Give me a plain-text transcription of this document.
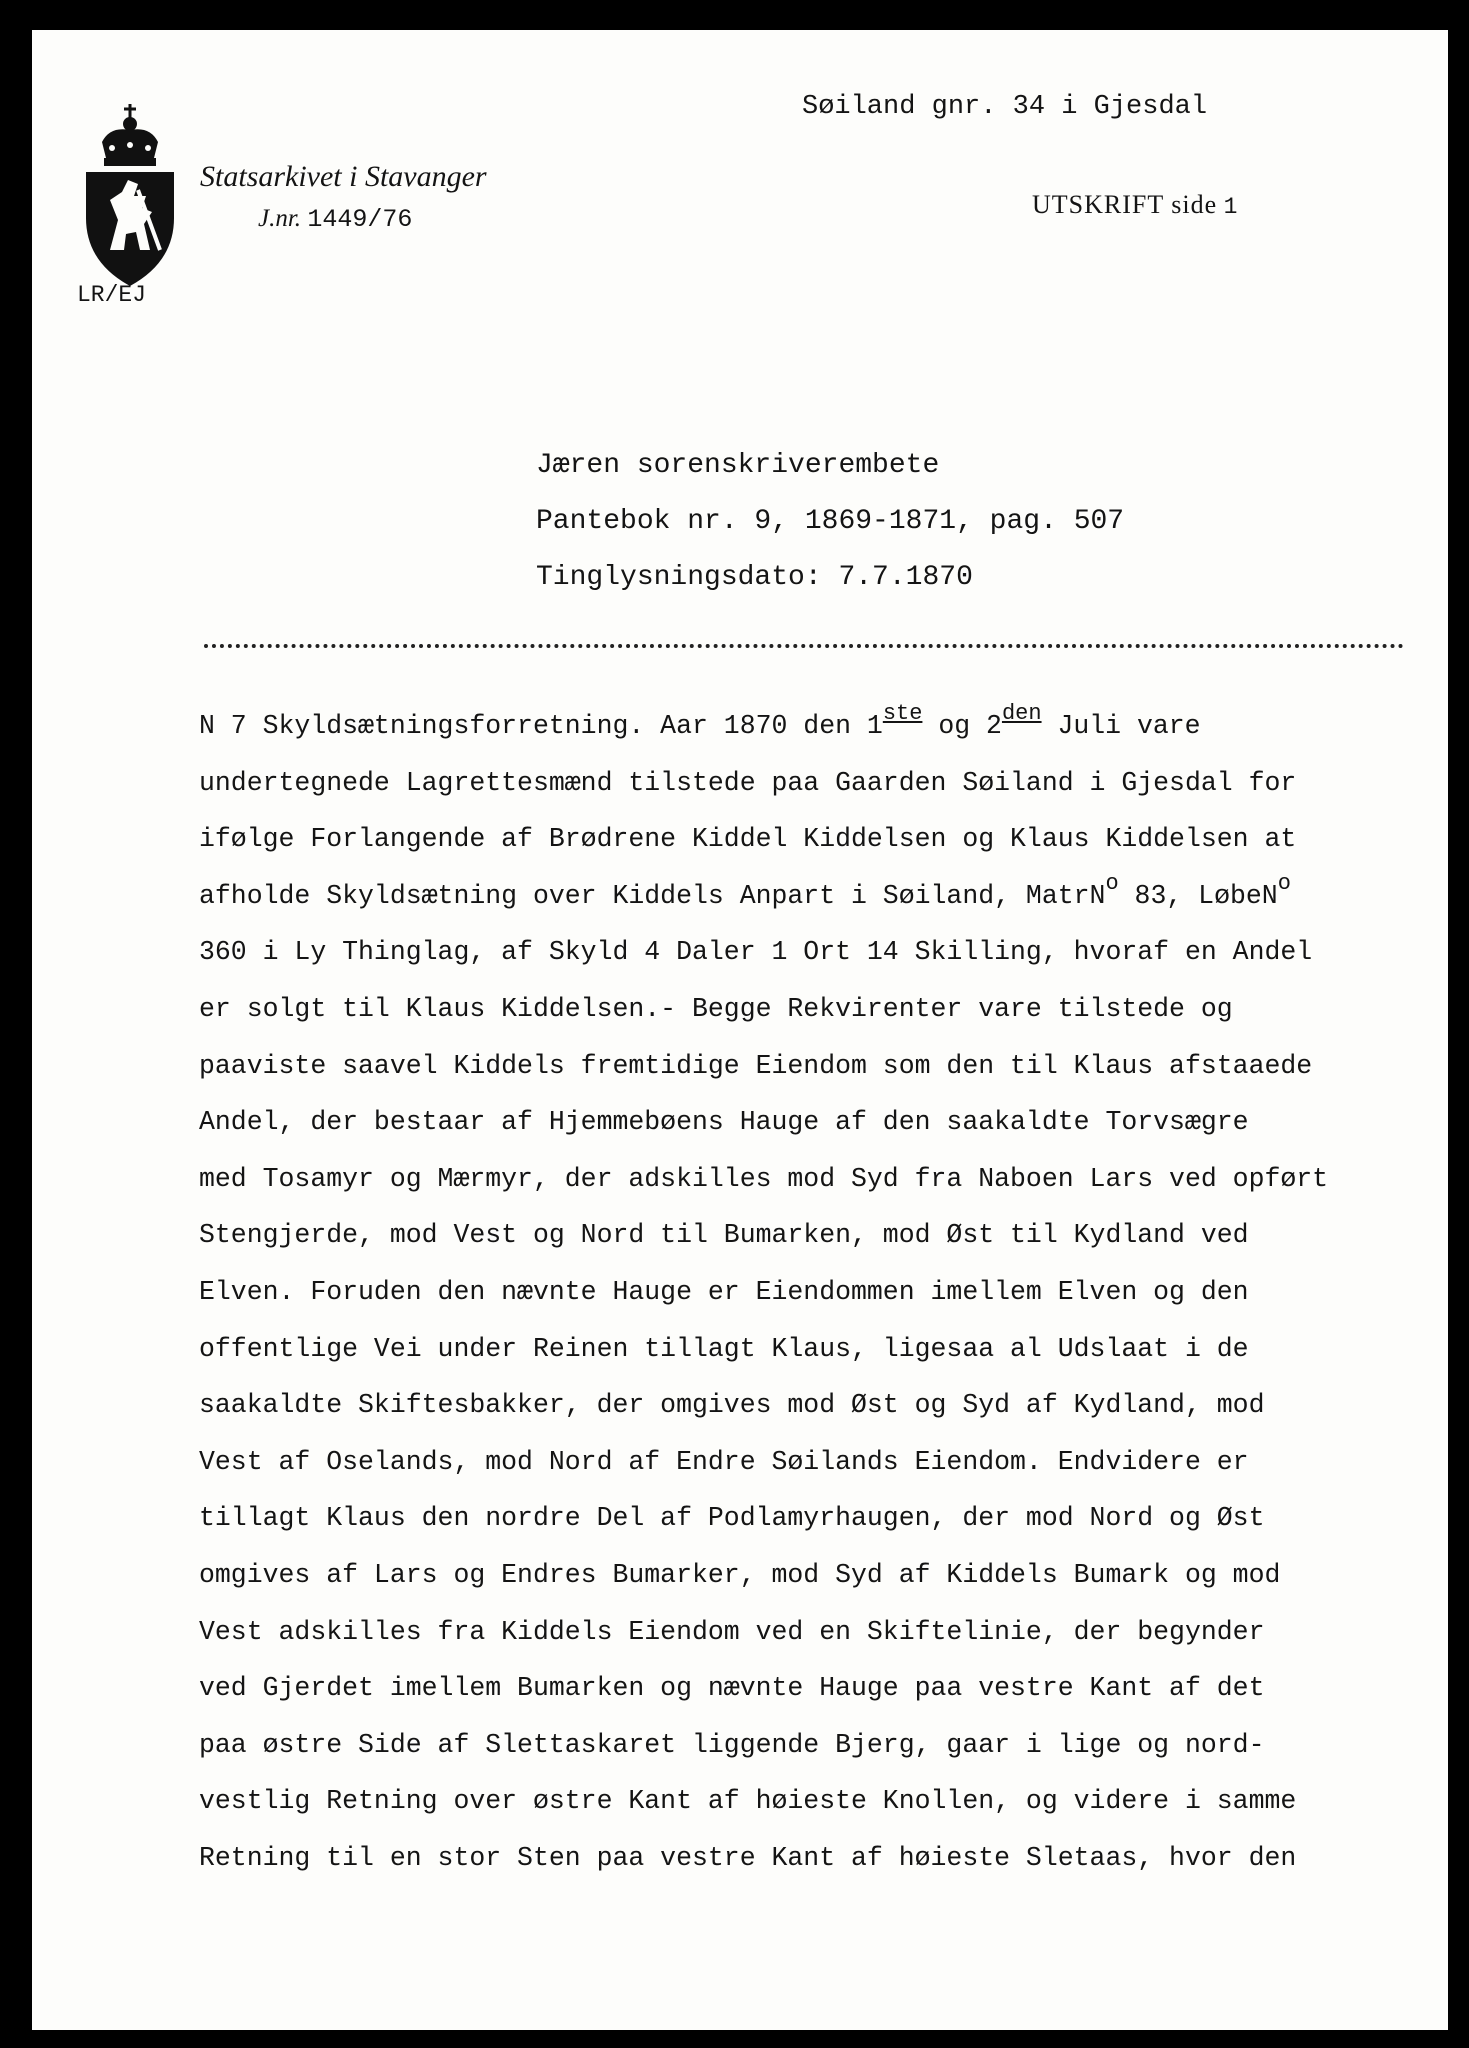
Statsarkivet i Stavanger
J.nr. 1449/76
LR/EJ
Søiland gnr. 34 i Gjesdal
UTSKRIFT side 1
Jæren sorenskriverembete
Pantebok nr. 9, 1869-1871, pag. 507
Tinglysningsdato: 7.7.1870
N 7 Skyldsætningsforretning. Aar 1870 den 1ste og $2^{den}$ Juli vare
undertegnede Lagrettesmænd tilstede paa Gaarden Søiland i Gjesdal for
ifølge Forlangende af Brødrene Kiddel Kiddelsen og Klaus Kiddelsen at
afholde Skyldsætning over Kiddels Anpart i Søiland, MatrN$^o$ 83, LøbeN$^o$
360 i Ly Thinglag, af Skyld 4 Daler 1 Ort 14 Skilling, hvoraf en Andel
er solgt til Klaus Kiddelsen.- Begge Rekvirenter vare tilstede og
paaviste saavel Kiddels fremtidige Eiendom som den til Klaus afstaaede
Andel, der bestaar af Hjemmebøens Hauge af den saakaldte Torvsægre
med Tosamyr og Mærmyr, der adskilles mod Syd fra Naboen Lars ved opført
Stengjerde, mod Vest og Nord til Bumarken, mod Øst til Kydland ved
Elven. Foruden den nævnte Hauge er Eiendommen imellem Elven og den
offentlige Vei under Reinen tillagt Klaus, ligesaa al Udslaat i de
saakaldte Skiftesbakker, der omgives mod Øst og Syd af Kydland, mod
Vest af Oselands, mod Nord af Endre Søilands Eiendom. Endvidere er
tillagt Klaus den nordre Del af Podlamyrhaugen, der mod Nord og Øst
omgives af Lars og Endres Bumarker, mod Syd af Kiddels Bumark og mod
Vest adskilles fra Kiddels Eiendom ved en Skiftelinie, der begynder
ved Gjerdet imellem Bumarken og nævnte Hauge paa vestre Kant af det
paa østre Side af Slettaskaret liggende Bjerg, gaar i lige og nord-
vestlig Retning over østre Kant af høieste Knollen, og videre i samme
Retning til en stor Sten paa vestre Kant af høieste Sletaas, hvor den
